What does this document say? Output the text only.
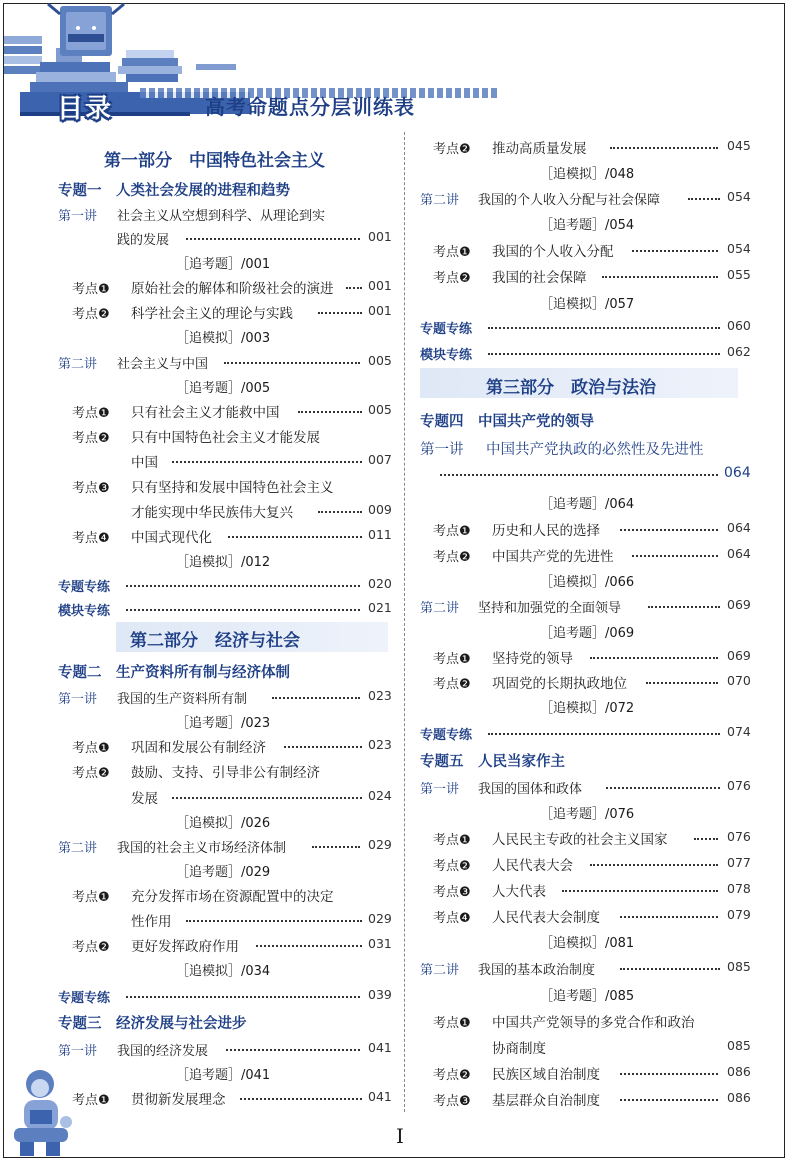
目录	高考命题点分层训练表
第一部分　中国特色社会主义
专题一　人类社会发展的进程和趋势
第一讲 社会主义从空想到科学、从理论到实
践的发展	001
［追考题］/001
考点❶ 原始社会的解体和阶级社会的演进	001
考点❷ 科学社会主义的理论与实践	001
［追模拟］/003
第二讲 社会主义与中国	005
［追考题］/005
考点❶ 只有社会主义才能救中国	005
考点❷ 只有中国特色社会主义才能发展
中国	007
考点❸ 只有坚持和发展中国特色社会主义
才能实现中华民族伟大复兴	009
考点❹ 中国式现代化	011
［追模拟］/012
专题专练	020
模块专练	021
第二部分　经济与社会
专题二　生产资料所有制与经济体制
第一讲 我国的生产资料所有制	023
［追考题］/023
考点❶ 巩固和发展公有制经济	023
考点❷ 鼓励、支持、引导非公有制经济
发展	024
［追模拟］/026
第二讲 我国的社会主义市场经济体制	029
［追考题］/029
考点❶ 充分发挥市场在资源配置中的决定
性作用	029
考点❷ 更好发挥政府作用	031
［追模拟］/034
专题专练	039
专题三　经济发展与社会进步
第一讲 我国的经济发展	041
［追考题］/041
考点❶ 贯彻新发展理念	041
考点❷ 推动高质量发展	045
［追模拟］/048
第二讲 我国的个人收入分配与社会保障	054
［追考题］/054
考点❶ 我国的个人收入分配	054
考点❷ 我国的社会保障	055
［追模拟］/057
专题专练	060
模块专练	062
第三部分　政治与法治
专题四　中国共产党的领导
第一讲 中国共产党执政的必然性及先进性
064
［追考题］/064
考点❶ 历史和人民的选择	064
考点❷ 中国共产党的先进性	064
［追模拟］/066
第二讲 坚持和加强党的全面领导	069
［追考题］/069
考点❶ 坚持党的领导	069
考点❷ 巩固党的长期执政地位	070
［追模拟］/072
专题专练	074
专题五　人民当家作主
第一讲 我国的国体和政体	076
［追考题］/076
考点❶ 人民民主专政的社会主义国家	076
考点❷ 人民代表大会	077
考点❸ 人大代表	078
考点❹ 人民代表大会制度	079
［追模拟］/081
第二讲 我国的基本政治制度	085
［追考题］/085
考点❶ 中国共产党领导的多党合作和政治
协商制度	085
考点❷ 民族区域自治制度	086
考点❸ 基层群众自治制度	086
I
